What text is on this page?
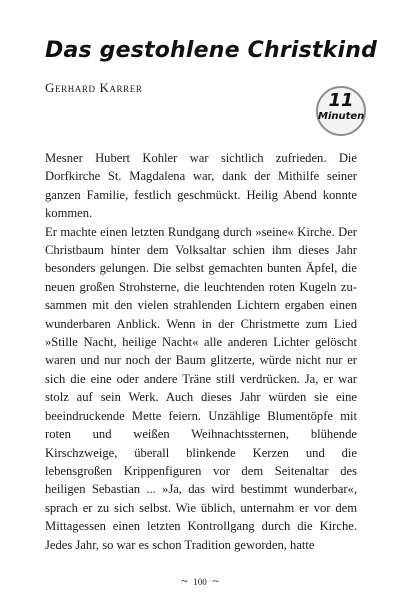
Das gestohlene Christkind
Gerhard Karrer
11
Minuten

Mesner Hubert Kohler war sichtlich zufrieden. Die Dorfkirche St. Magdalena war, dank der Mithilfe seiner ganzen Familie, festlich geschmückt. Heilig Abend konnte kommen.

Er machte einen letzten Rundgang durch »seine« Kirche. Der Christbaum hinter dem Volksaltar schien ihm dieses Jahr besonders gelungen. Die selbst gemachten bunten Äpfel, die neuen großen Strohsterne, die leuchtenden roten Kugeln zusammen mit den vielen strahlenden Lichtern ergaben einen wunderbaren Anblick. Wenn in der Christmette zum Lied »Stille Nacht, heilige Nacht« alle anderen Lichter gelöscht waren und nur noch der Baum glitzerte, würde nicht nur er sich die eine oder andere Träne still verdrücken. Ja, er war stolz auf sein Werk. Auch dieses Jahr würden sie eine beeindruckende Mette feiern. Unzählige Blumentöpfe mit roten und weißen Weihnachtssternen, blühende Kirschzweige, überall blinkende Kerzen und die lebensgroßen Krippenfiguren vor dem Seitenaltar des heiligen Sebastian ... »Ja, das wird bestimmt wunderbar«, sprach er zu sich selbst. Wie üblich, unternahm er vor dem Mittagessen einen letzten Kontrollgang durch die Kirche. Jedes Jahr, so war es schon Tradition geworden, hatte

~ 100 ~
